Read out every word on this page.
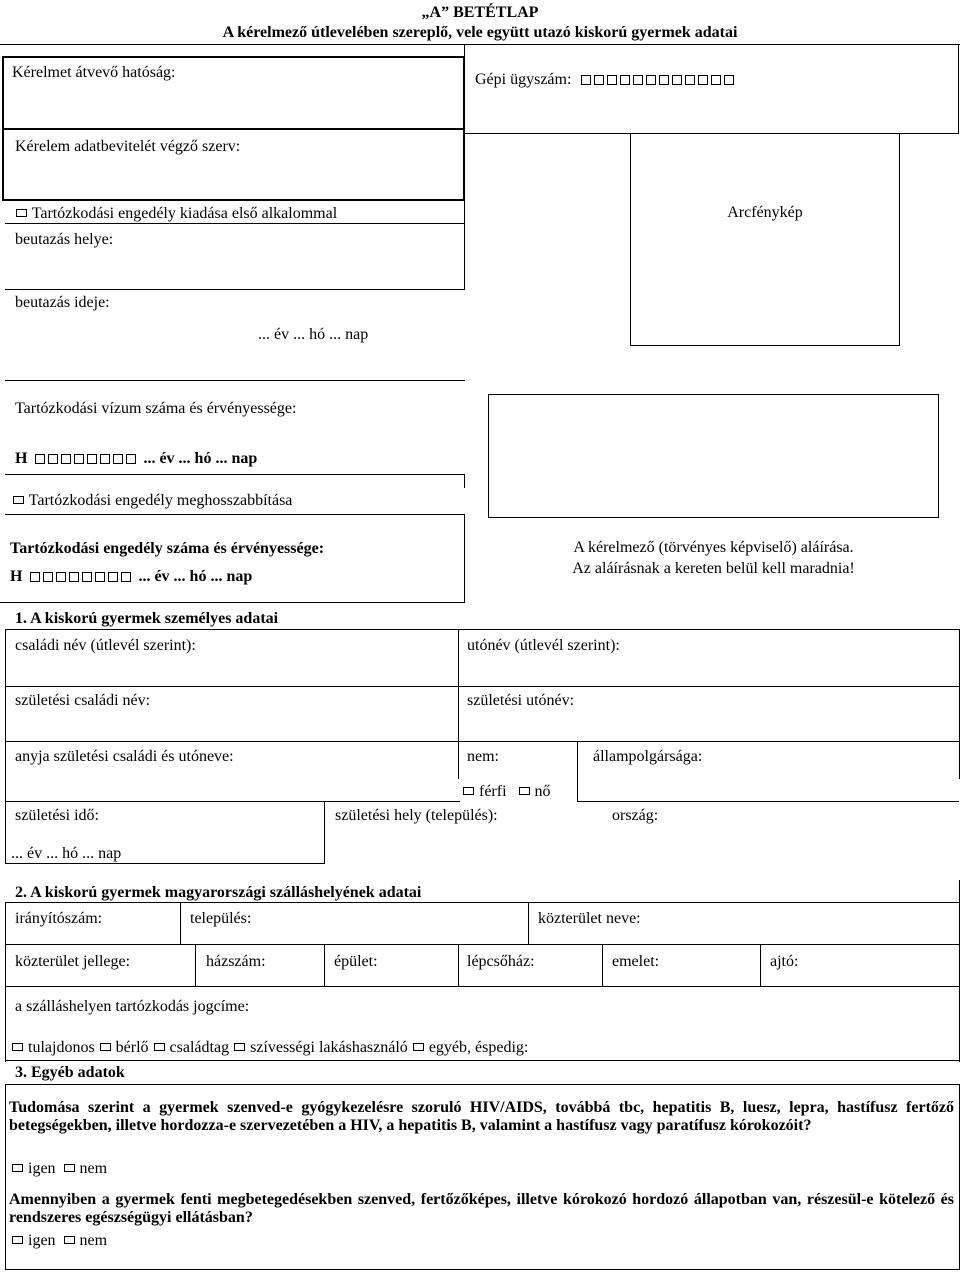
„A” BETÉTLAP
A kérelmező útlevelében szereplő, vele együtt utazó kiskorú gyermek adatai
Kérelmet átvevő hatóság:	Gépi ügyszám:
Kérelem adatbevitelét végző szerv:
Tartózkodási engedély kiadása első alkalommal
beutazás helye:
beutazás ideje:
... év ... hó ... nap
Arcfénykép
Tartózkodási vízum száma és érvényessége:
H	... év ... hó ... nap
Tartózkodási engedély meghosszabbítása
Tartózkodási engedély száma és érvényessége:
H	... év ... hó ... nap
A kérelmező (törvényes képviselő) aláírása.
Az aláírásnak a kereten belül kell maradnia!
1. A kiskorú gyermek személyes adatai
családi név (útlevél szerint):	utónév (útlevél szerint):
születési családi név:	születési utónév:
anyja születési családi és utóneve:	nem:	állampolgársága:
férfi nő
születési idő:	születési hely (település):	ország:
... év ... hó ... nap
2. A kiskorú gyermek magyarországi szálláshelyének adatai
irányítószám:	település:	közterület neve:
közterület jellege:	házszám:	épület:	lépcsőház:	emelet:	ajtó:
a szálláshelyen tartózkodás jogcíme:
tulajdonos bérlő családtag szívességi lakáshasználó egyéb, éspedig:
3. Egyéb adatok
Tudomása szerint a gyermek szenved-e gyógykezelésre szoruló HIV/AIDS, továbbá tbc, hepatitis B, luesz, lepra, hastífusz fertőző betegségekben, illetve hordozza-e szervezetében a HIV, a hepatitis B, valamint a hastífusz vagy paratífusz kórokozóit?
igen nem
Amennyiben a gyermek fenti megbetegedésekben szenved, fertőzőképes, illetve kórokozó hordozó állapotban van, részesül-e kötelező és rendszeres egészségügyi ellátásban?
igen nem
